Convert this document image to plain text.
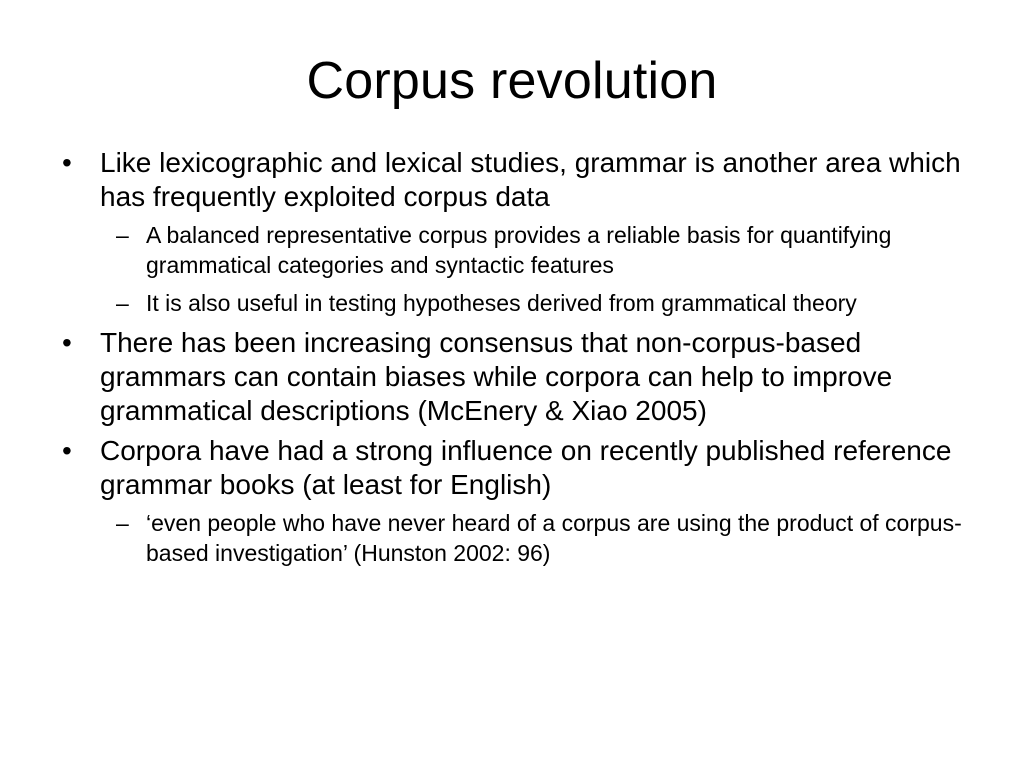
Corpus revolution
•	Like lexicographic and lexical studies, grammar is another area which has frequently exploited corpus data
– A balanced representative corpus provides a reliable basis for quantifying grammatical categories and syntactic features
– It is also useful in testing hypotheses derived from grammatical theory
•	There has been increasing consensus that non-corpus-based grammars can contain biases while corpora can help to improve grammatical descriptions (McEnery & Xiao 2005)
•	Corpora have had a strong influence on recently published reference grammar books (at least for English)
– ‘even people who have never heard of a corpus are using the product of corpus-based investigation’ (Hunston 2002: 96)
